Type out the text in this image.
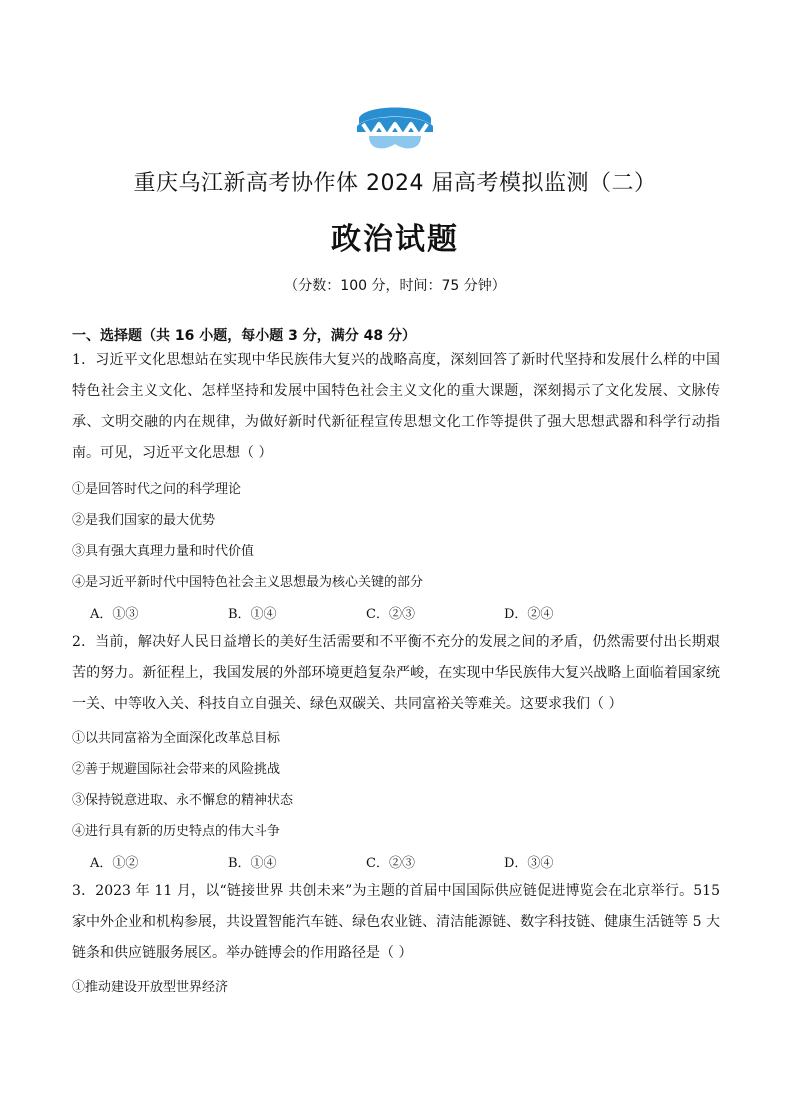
重庆乌江新高考协作体 2024 届高考模拟监测（二）
政治试题
（分数：100 分，时间：75 分钟）
一、选择题（共 16 小题，每小题 3 分，满分 48 分）
1．习近平文化思想站在实现中华民族伟大复兴的战略高度，深刻回答了新时代坚持和发展什么样的中国特色社会主义文化、怎样坚持和发展中国特色社会主义文化的重大课题，深刻揭示了文化发展、文脉传承、文明交融的内在规律，为做好新时代新征程宣传思想文化工作等提供了强大思想武器和科学行动指南。可见，习近平文化思想（ ）
①是回答时代之问的科学理论
②是我们国家的最大优势
③具有强大真理力量和时代价值
④是习近平新时代中国特色社会主义思想最为核心关键的部分
A．①③	B．①④	C．②③	D．②④
2．当前，解决好人民日益增长的美好生活需要和不平衡不充分的发展之间的矛盾，仍然需要付出长期艰苦的努力。新征程上，我国发展的外部环境更趋复杂严峻，在实现中华民族伟大复兴战略上面临着国家统一关、中等收入关、科技自立自强关、绿色双碳关、共同富裕关等难关。这要求我们（ ）
①以共同富裕为全面深化改革总目标
②善于规避国际社会带来的风险挑战
③保持锐意进取、永不懈怠的精神状态
④进行具有新的历史特点的伟大斗争
A．①②	B．①④	C．②③	D．③④
3．2023 年 11 月，以“链接世界 共创未来”为主题的首届中国国际供应链促进博览会在北京举行。515 家中外企业和机构参展，共设置智能汽车链、绿色农业链、清洁能源链、数字科技链、健康生活链等 5 大链条和供应链服务展区。举办链博会的作用路径是（ ）
①推动建设开放型世界经济
